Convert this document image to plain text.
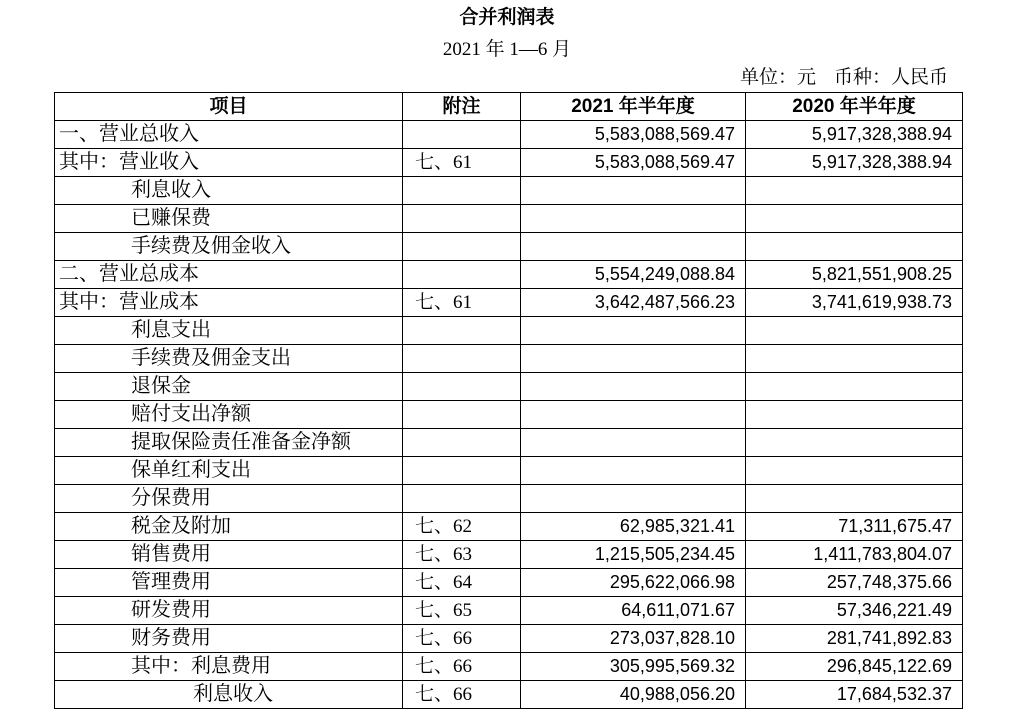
合并利润表
2021 年 1—6 月
单位：元 币种：人民币
项目	附注	2021 年半年度	2020 年半年度
一、营业总收入		5,583,088,569.47	5,917,328,388.94
其中：营业收入	七、61	5,583,088,569.47	5,917,328,388.94
利息收入			
已赚保费			
手续费及佣金收入			
二、营业总成本		5,554,249,088.84	5,821,551,908.25
其中：营业成本	七、61	3,642,487,566.23	3,741,619,938.73
利息支出			
手续费及佣金支出			
退保金			
赔付支出净额			
提取保险责任准备金净额			
保单红利支出			
分保费用			
税金及附加	七、62	62,985,321.41	71,311,675.47
销售费用	七、63	1,215,505,234.45	1,411,783,804.07
管理费用	七、64	295,622,066.98	257,748,375.66
研发费用	七、65	64,611,071.67	57,346,221.49
财务费用	七、66	273,037,828.10	281,741,892.83
其中：利息费用	七、66	305,995,569.32	296,845,122.69
利息收入	七、66	40,988,056.20	17,684,532.37
